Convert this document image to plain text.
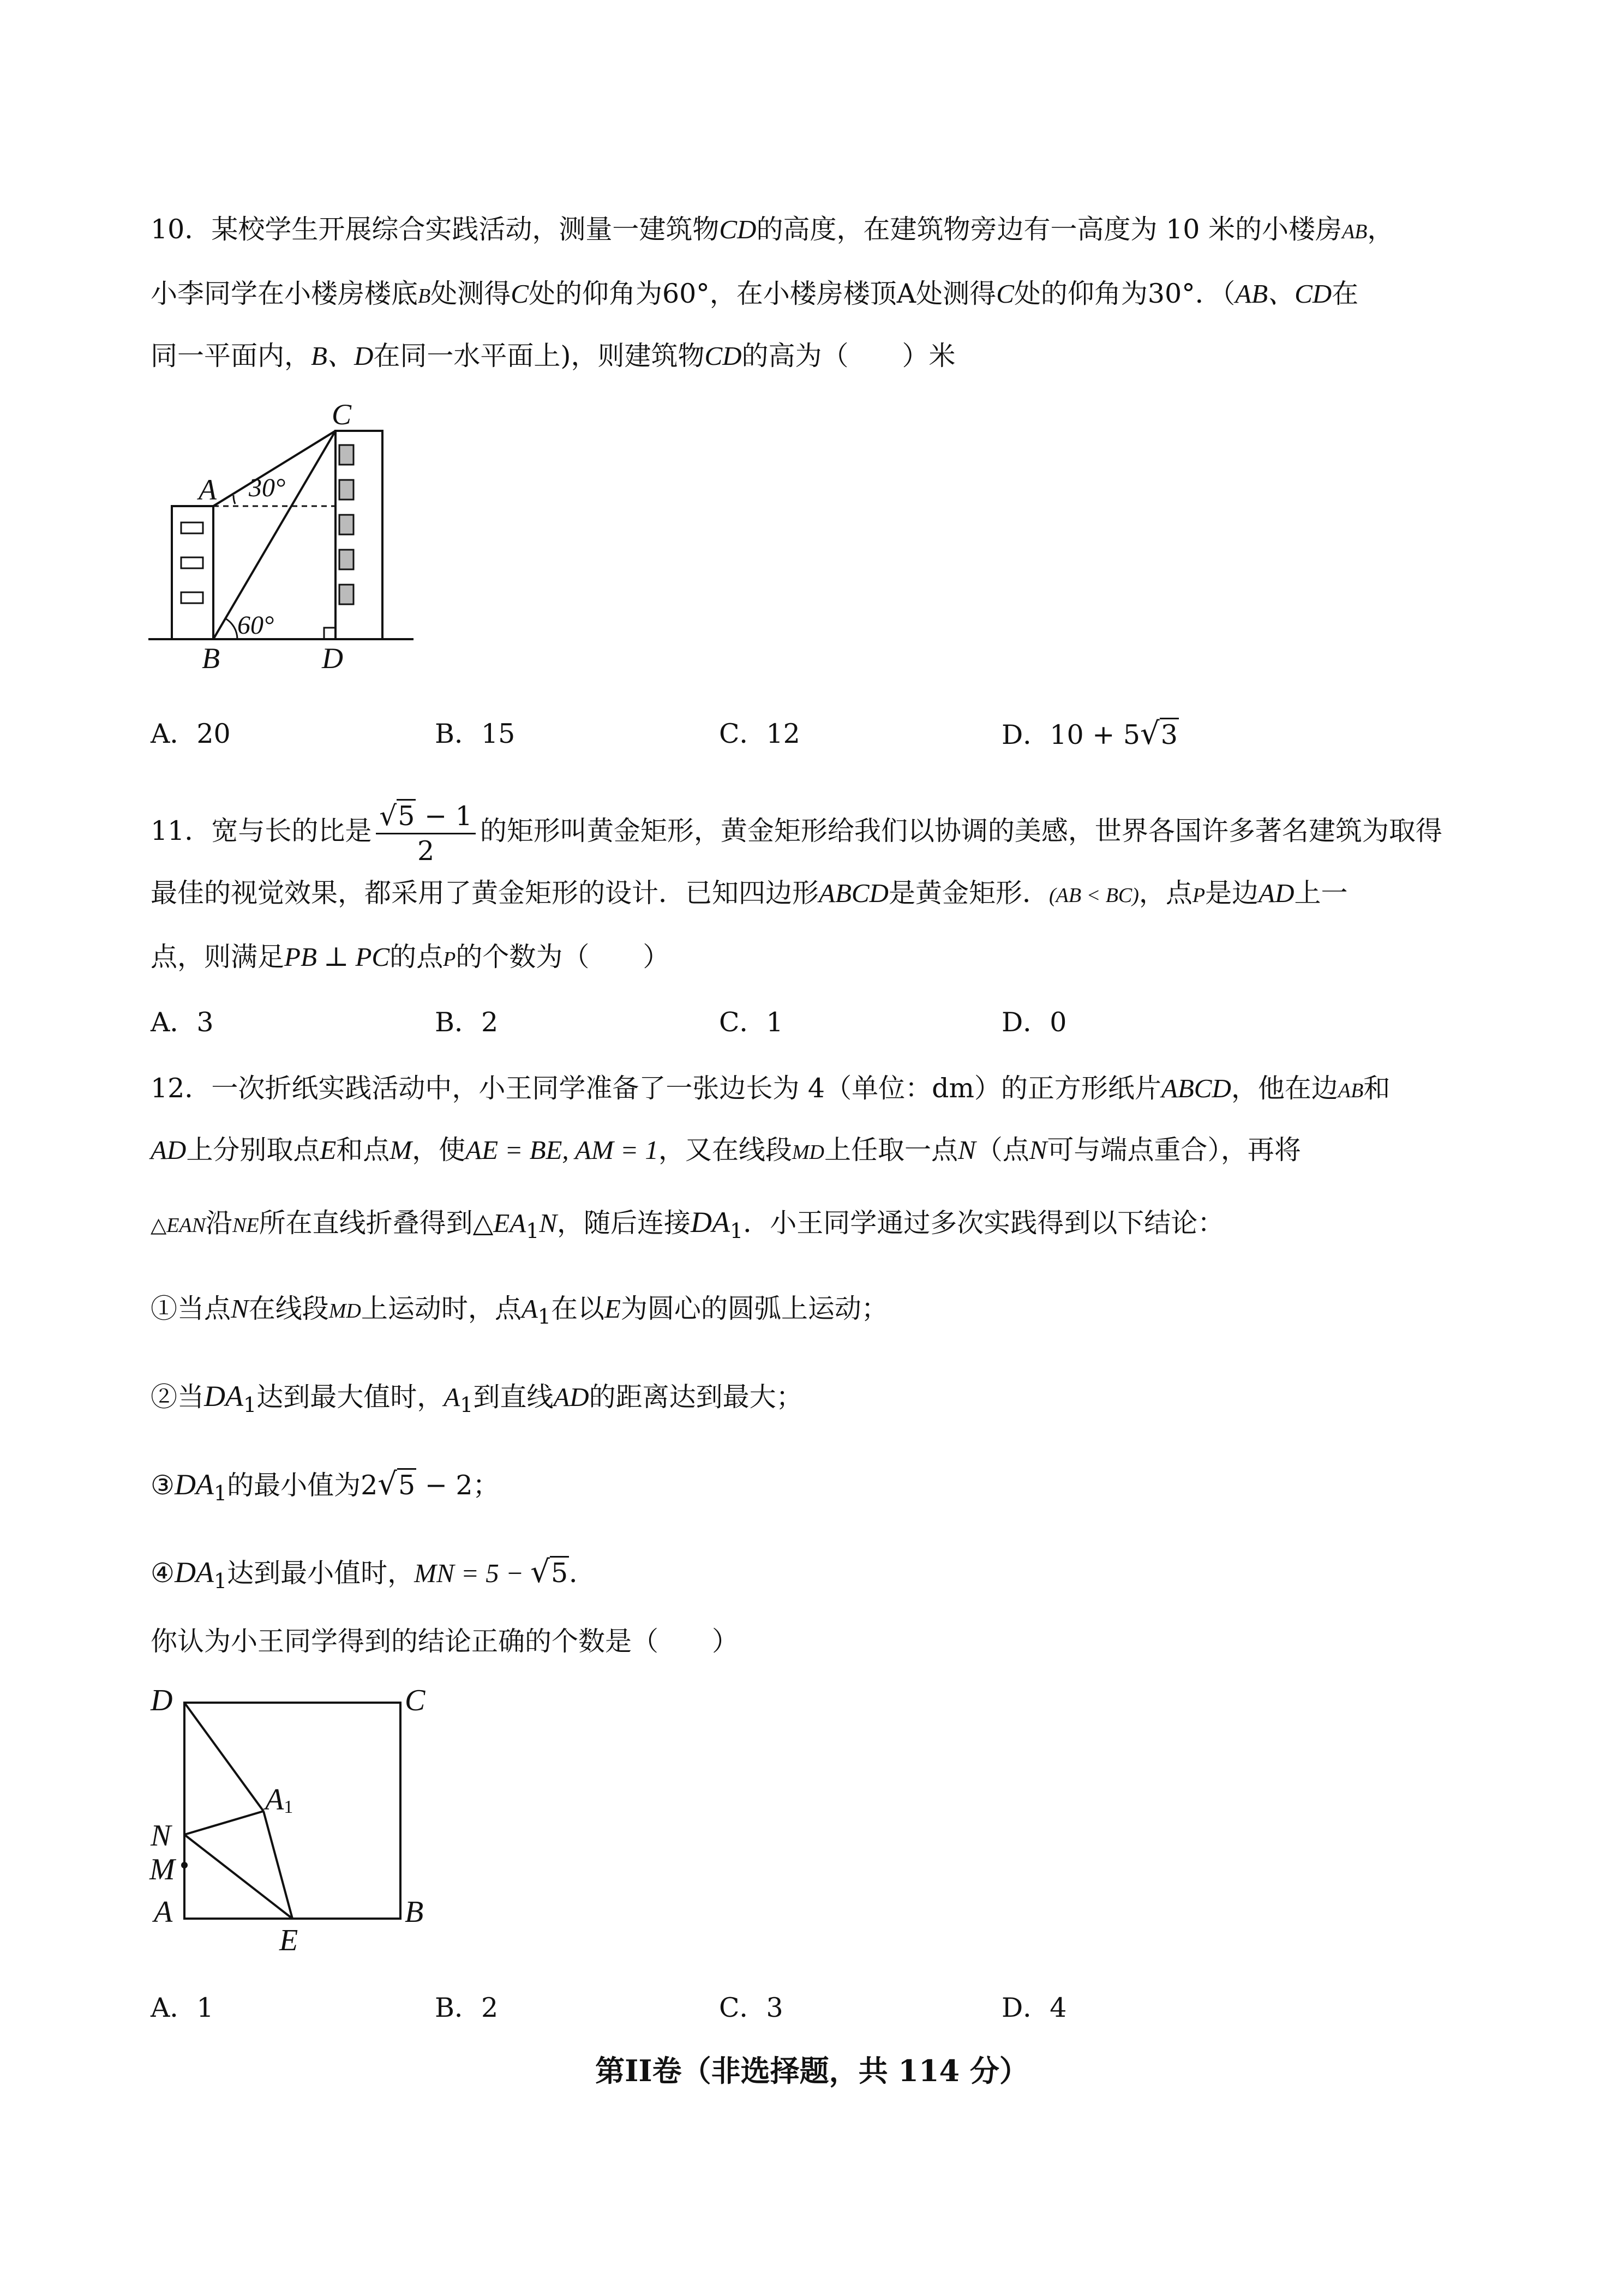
10．某校学生开展综合实践活动，测量一建筑物CD的高度，在建筑物旁边有一高度为 10 米的小楼房AB，
小李同学在小楼房楼底B处测得C处的仰角为60°，在小楼房楼顶A处测得C处的仰角为30°．（AB、CD在
同一平面内，B、D在同一水平面上)，则建筑物CD的高为（　　）米
C
A
B	D
30°
60°
A．20	B．15	C．12	D．10 + 5√3
11．宽与长的比是 $\frac{√5 - 1}{2}$ 的矩形叫黄金矩形，黄金矩形给我们以协调的美感，世界各国许多著名建筑为取得
最佳的视觉效果，都采用了黄金矩形的设计．已知四边形ABCD是黄金矩形．(AB < BC)，点P是边AD上一
点，则满足PB ⊥ PC的点P的个数为（　　）
A．3	B．2	C．1	D．0
12．一次折纸实践活动中，小王同学准备了一张边长为 4（单位：dm）的正方形纸片ABCD，他在边AB和
AD上分别取点E和点M，使AE = BE, AM = 1，又在线段MD上任取一点N（点N可与端点重合），再将
△EAN沿NE所在直线折叠得到$\triangle EA_1N$，随后连接$DA_1$．小王同学通过多次实践得到以下结论：
①当点N在线段MD上运动时，点$A_1$在以E为圆心的圆弧上运动；
②当$DA_1$达到最大值时，$A_1$到直线AD的距离达到最大；
$③DA_1$的最小值为2√5 − 2；
$④DA_1$达到最小值时，MN = 5 − √5．
你认为小王同学得到的结论正确的个数是（　　）
D	C
A1
N
M
A
E
B
A．1	B．2	C．3	D．4
第II卷（非选择题，共 114 分）
